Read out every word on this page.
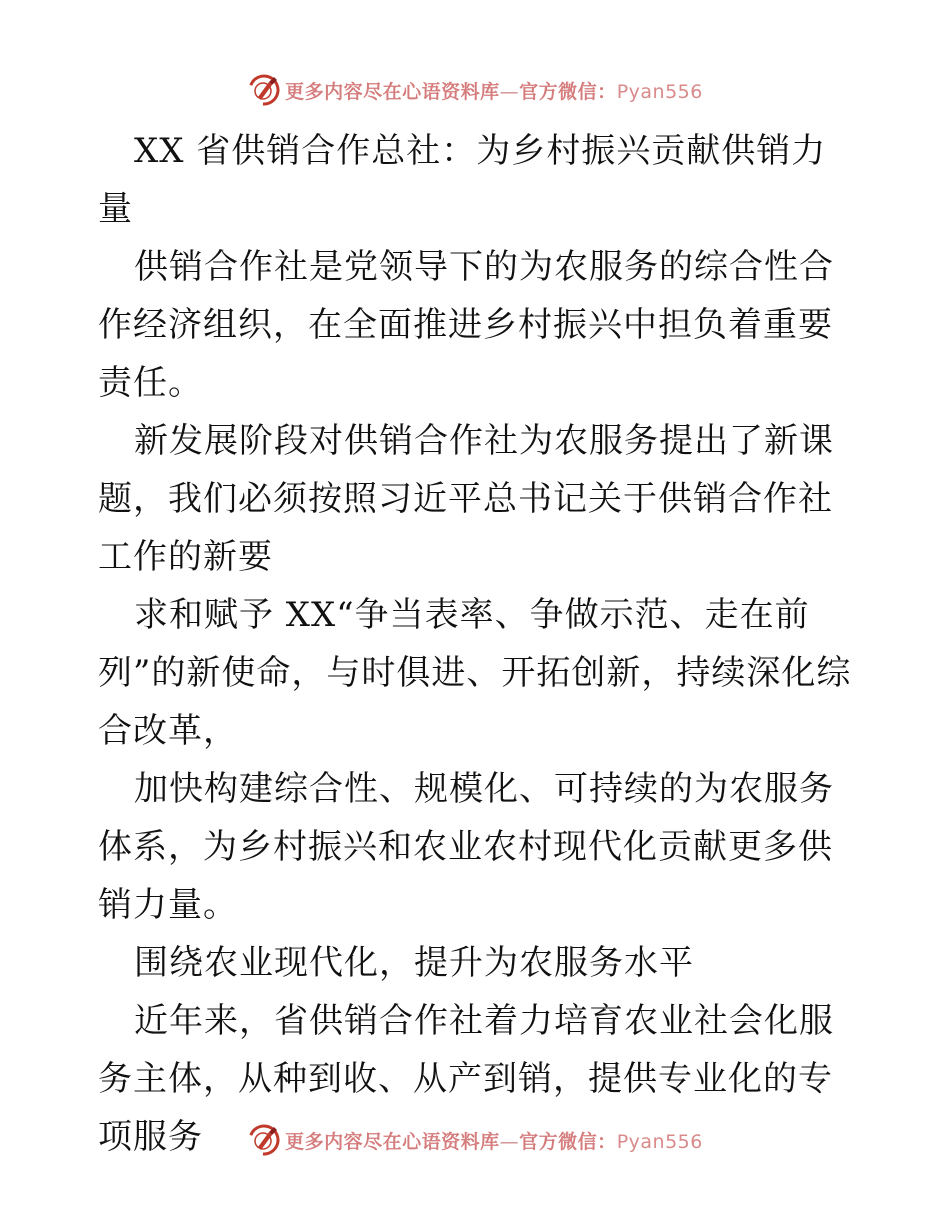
更多内容尽在心语资料库—官方微信：Pyan556

XX 省供销合作总社：为乡村振兴贡献供销力量

供销合作社是党领导下的为农服务的综合性合作经济组织，在全面推进乡村振兴中担负着重要责任。

新发展阶段对供销合作社为农服务提出了新课题，我们必须按照习近平总书记关于供销合作社工作的新要

求和赋予 XX“争当表率、争做示范、走在前列”的新使命，与时俱进、开拓创新，持续深化综合改革，

加快构建综合性、规模化、可持续的为农服务体系，为乡村振兴和农业农村现代化贡献更多供销力量。

围绕农业现代化，提升为农服务水平

近年来，省供销合作社着力培育农业社会化服务主体，从种到收、从产到销，提供专业化的专项服务	更多内容尽在心语资料库—官方微信：Pyan556
